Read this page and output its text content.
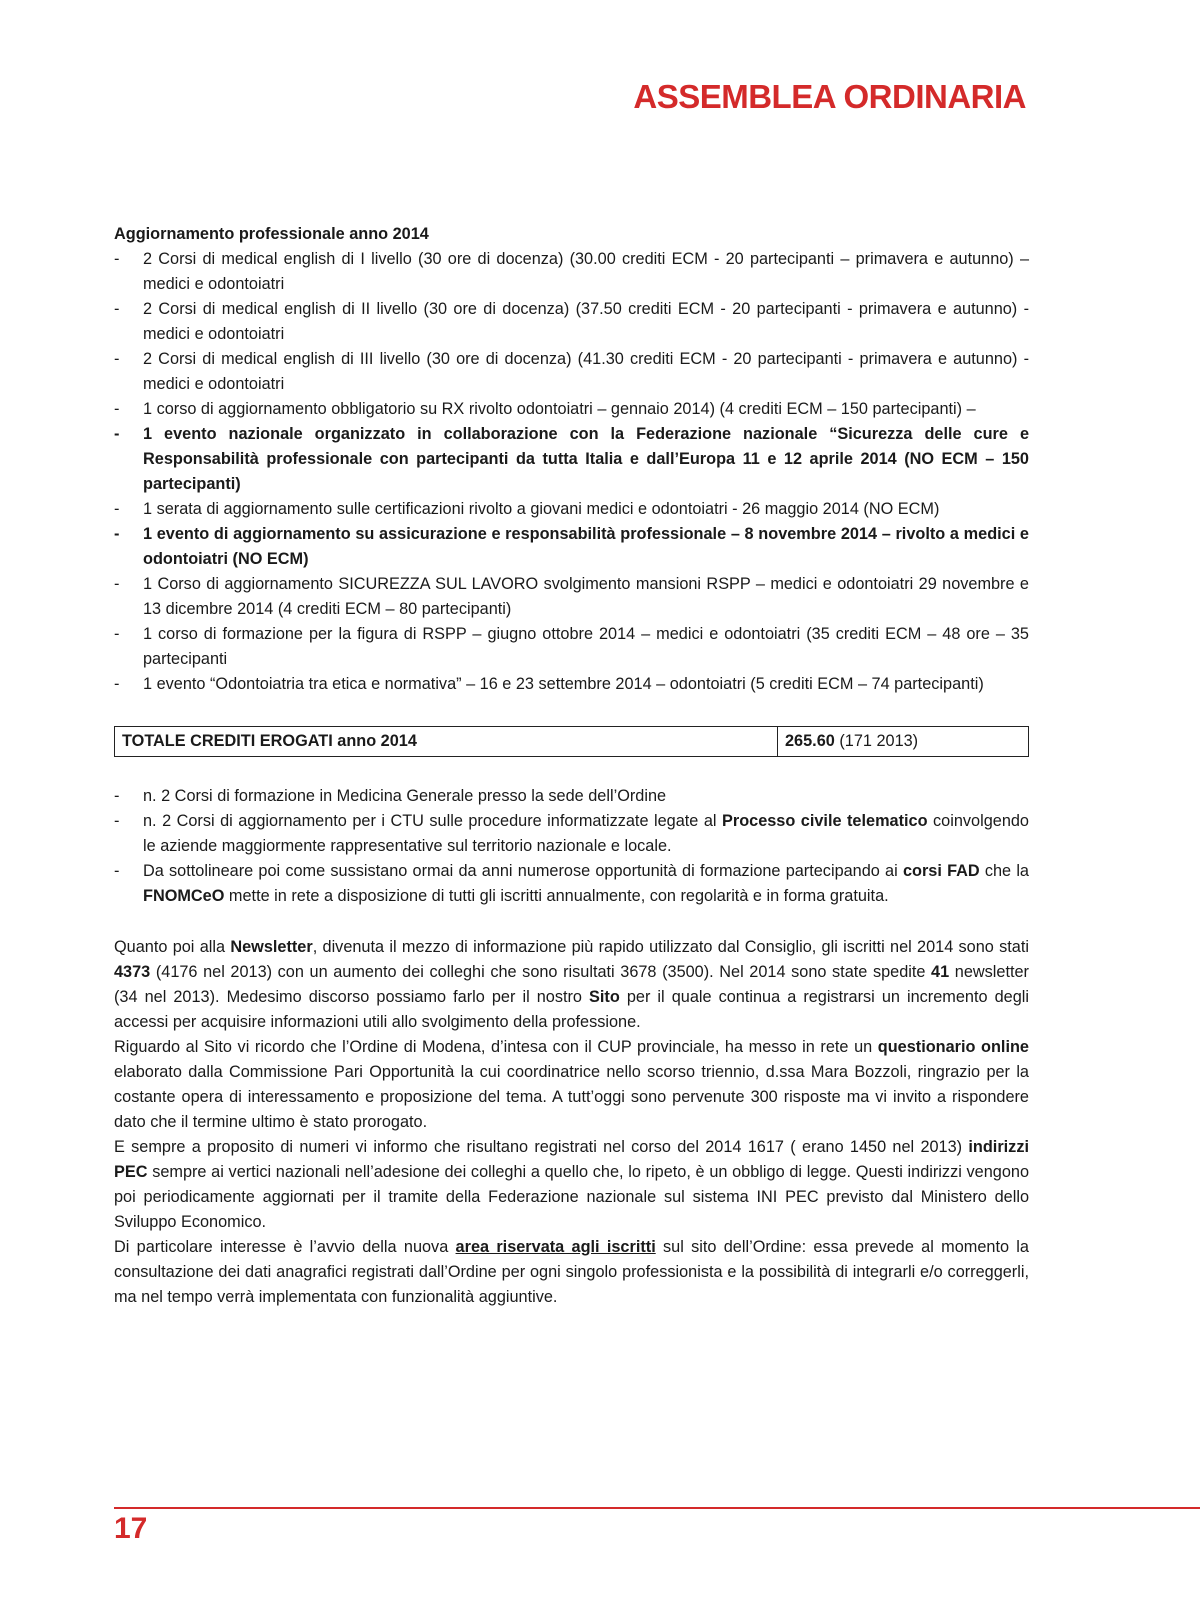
ASSEMBLEA ORDINARIA

Aggiornamento professionale anno 2014

- 2 Corsi di medical english di I livello (30 ore di docenza) (30.00 crediti ECM - 20 partecipanti – primavera e autunno) – medici e odontoiatri
- 2 Corsi di medical english di II livello (30 ore di docenza) (37.50 crediti ECM - 20 partecipanti - primavera e autunno) - medici e odontoiatri
- 2 Corsi di medical english di III livello (30 ore di docenza) (41.30 crediti ECM - 20 partecipanti - primavera e autunno) - medici e odontoiatri
- 1 corso di aggiornamento obbligatorio su RX rivolto odontoiatri – gennaio 2014) (4 crediti ECM – 150 partecipanti) –
- 1 evento nazionale organizzato in collaborazione con la Federazione nazionale “Sicurezza delle cure e Responsabilità professionale con partecipanti da tutta Italia e dall’Europa 11 e 12 aprile 2014 (NO ECM – 150 partecipanti)
- 1 serata di aggiornamento sulle certificazioni rivolto a giovani medici e odontoiatri - 26 maggio 2014 (NO ECM)
- 1 evento di aggiornamento su assicurazione e responsabilità professionale – 8 novembre 2014 – rivolto a medici e odontoiatri (NO ECM)
- 1 Corso di aggiornamento SICUREZZA SUL LAVORO svolgimento mansioni RSPP – medici e odontoiatri 29 novembre e 13 dicembre 2014 (4 crediti ECM – 80 partecipanti)
- 1 corso di formazione per la figura di RSPP – giugno ottobre 2014 – medici e odontoiatri (35 crediti ECM – 48 ore – 35 partecipanti
- 1 evento “Odontoiatria tra etica e normativa” – 16 e 23 settembre 2014 – odontoiatri (5 crediti ECM – 74 partecipanti)
TOTALE CREDITI EROGATI anno 2014	265.60 (171 2013)
- n. 2 Corsi di formazione in Medicina Generale presso la sede dell’Ordine
- n. 2 Corsi di aggiornamento per i CTU sulle procedure informatizzate legate al Processo civile telematico coinvolgendo le aziende maggiormente rappresentative sul territorio nazionale e locale.
- Da sottolineare poi come sussistano ormai da anni numerose opportunità di formazione partecipando ai corsi FAD che la FNOMCeO mette in rete a disposizione di tutti gli iscritti annualmente, con regolarità e in forma gratuita.

Quanto poi alla Newsletter, divenuta il mezzo di informazione più rapido utilizzato dal Consiglio, gli iscritti nel 2014 sono stati 4373 (4176 nel 2013) con un aumento dei colleghi che sono risultati 3678 (3500). Nel 2014 sono state spedite 41 newsletter (34 nel 2013). Medesimo discorso possiamo farlo per il nostro Sito per il quale continua a registrarsi un incremento degli accessi per acquisire informazioni utili allo svolgimento della professione.

Riguardo al Sito vi ricordo che l’Ordine di Modena, d’intesa con il CUP provinciale, ha messo in rete un questionario online elaborato dalla Commissione Pari Opportunità la cui coordinatrice nello scorso triennio, d.ssa Mara Bozzoli, ringrazio per la costante opera di interessamento e proposizione del tema. A tutt’oggi sono pervenute 300 risposte ma vi invito a rispondere dato che il termine ultimo è stato prorogato.

E sempre a proposito di numeri vi informo che risultano registrati nel corso del 2014 1617 ( erano 1450 nel 2013) indirizzi PEC sempre ai vertici nazionali nell’adesione dei colleghi a quello che, lo ripeto, è un obbligo di legge. Questi indirizzi vengono poi periodicamente aggiornati per il tramite della Federazione nazionale sul sistema INI PEC previsto dal Ministero dello Sviluppo Economico.

Di particolare interesse è l’avvio della nuova area riservata agli iscritti sul sito dell’Ordine: essa prevede al momento la consultazione dei dati anagrafici registrati dall’Ordine per ogni singolo professionista e la possibilità di integrarli e/o correggerli, ma nel tempo verrà implementata con funzionalità aggiuntive.

17
